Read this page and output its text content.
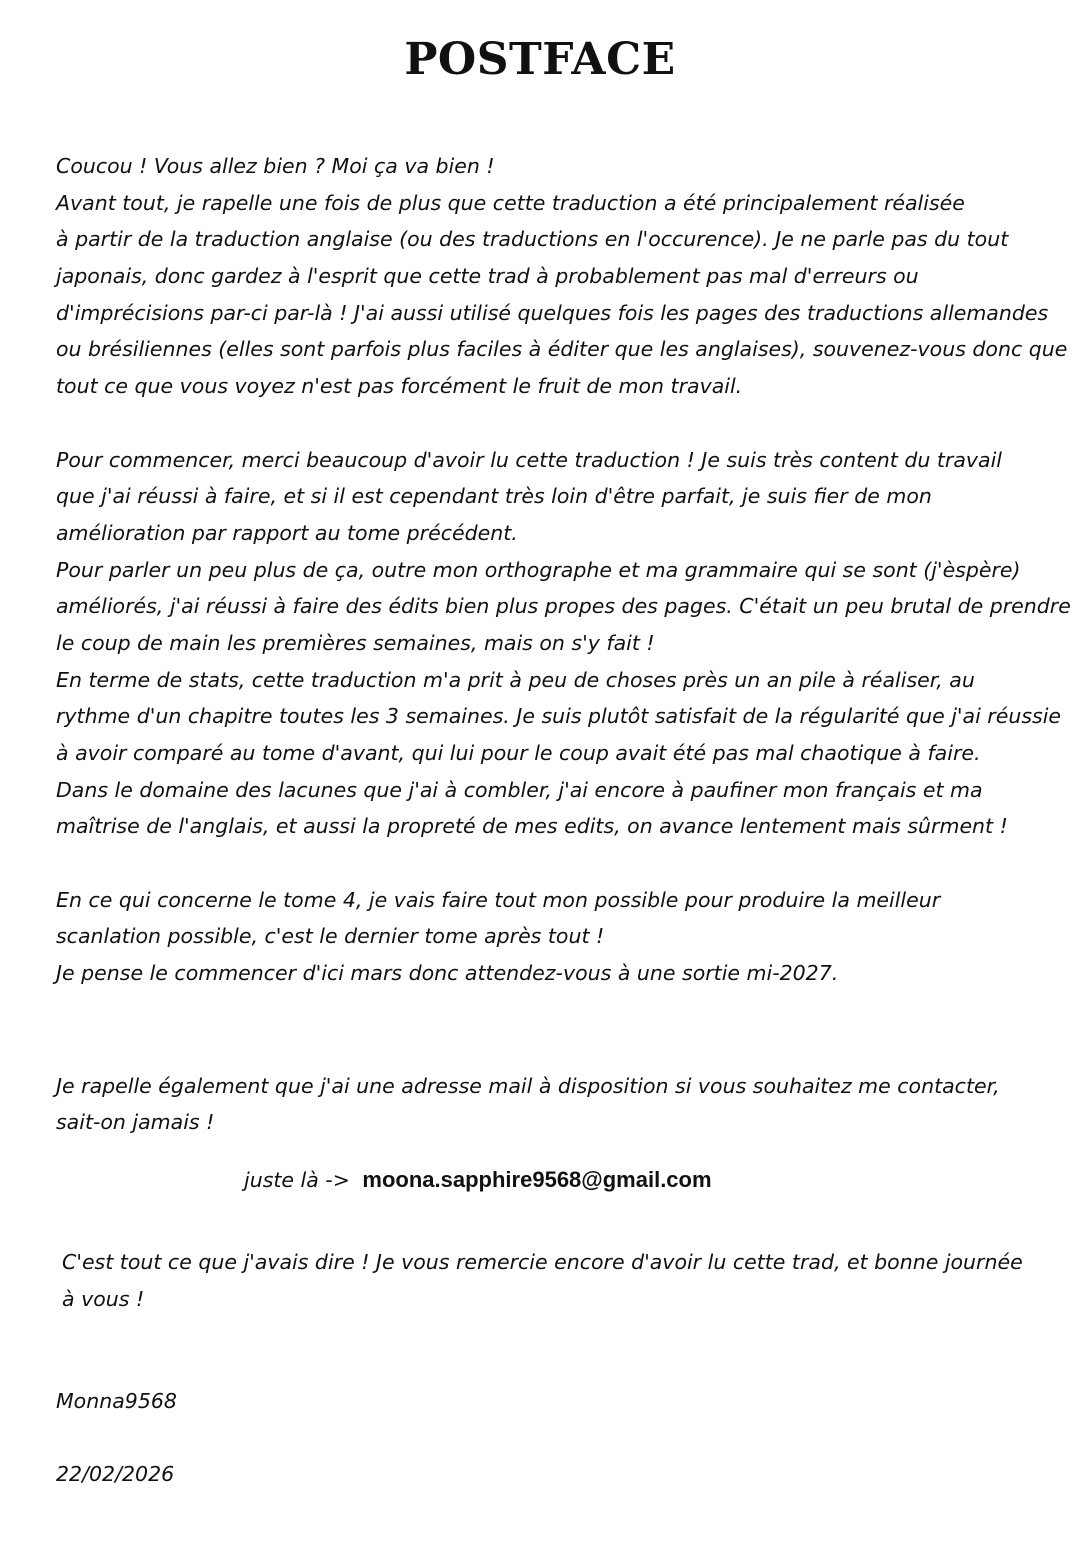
POSTFACE

Coucou ! Vous allez bien ? Moi ça va bien !

Avant tout, je rapelle une fois de plus que cette traduction a été principalement réalisée

à partir de la traduction anglaise (ou des traductions en l'occurence). Je ne parle pas du tout

japonais, donc gardez à l'esprit que cette trad à probablement pas mal d'erreurs ou

d'imprécisions par-ci par-là ! J'ai aussi utilisé quelques fois les pages des traductions allemandes

ou brésiliennes (elles sont parfois plus faciles à éditer que les anglaises), souvenez-vous donc que

tout ce que vous voyez n'est pas forcément le fruit de mon travail.

Pour commencer, merci beaucoup d'avoir lu cette traduction ! Je suis très content du travail

que j'ai réussi à faire, et si il est cependant très loin d'être parfait, je suis fier de mon

amélioration par rapport au tome précédent.

Pour parler un peu plus de ça, outre mon orthographe et ma grammaire qui se sont (j'èspère)

améliorés, j'ai réussi à faire des édits bien plus propes des pages. C'était un peu brutal de prendre

le coup de main les premières semaines, mais on s'y fait !

En terme de stats, cette traduction m'a prit à peu de choses près un an pile à réaliser, au

rythme d'un chapitre toutes les 3 semaines. Je suis plutôt satisfait de la régularité que j'ai réussie

à avoir comparé au tome d'avant, qui lui pour le coup avait été pas mal chaotique à faire.

Dans le domaine des lacunes que j'ai à combler, j'ai encore à paufiner mon français et ma

maîtrise de l'anglais, et aussi la propreté de mes edits, on avance lentement mais sûrment !

En ce qui concerne le tome 4, je vais faire tout mon possible pour produire la meilleur

scanlation possible, c'est le dernier tome après tout !

Je pense le commencer d'ici mars donc attendez-vous à une sortie mi-2027.

Je rapelle également que j'ai une adresse mail à disposition si vous souhaitez me contacter,

sait-on jamais !

juste là -> moona.sapphire9568@gmail.com

C'est tout ce que j'avais dire ! Je vous remercie encore d'avoir lu cette trad, et bonne journée

à vous !

Monna9568

22/02/2026
